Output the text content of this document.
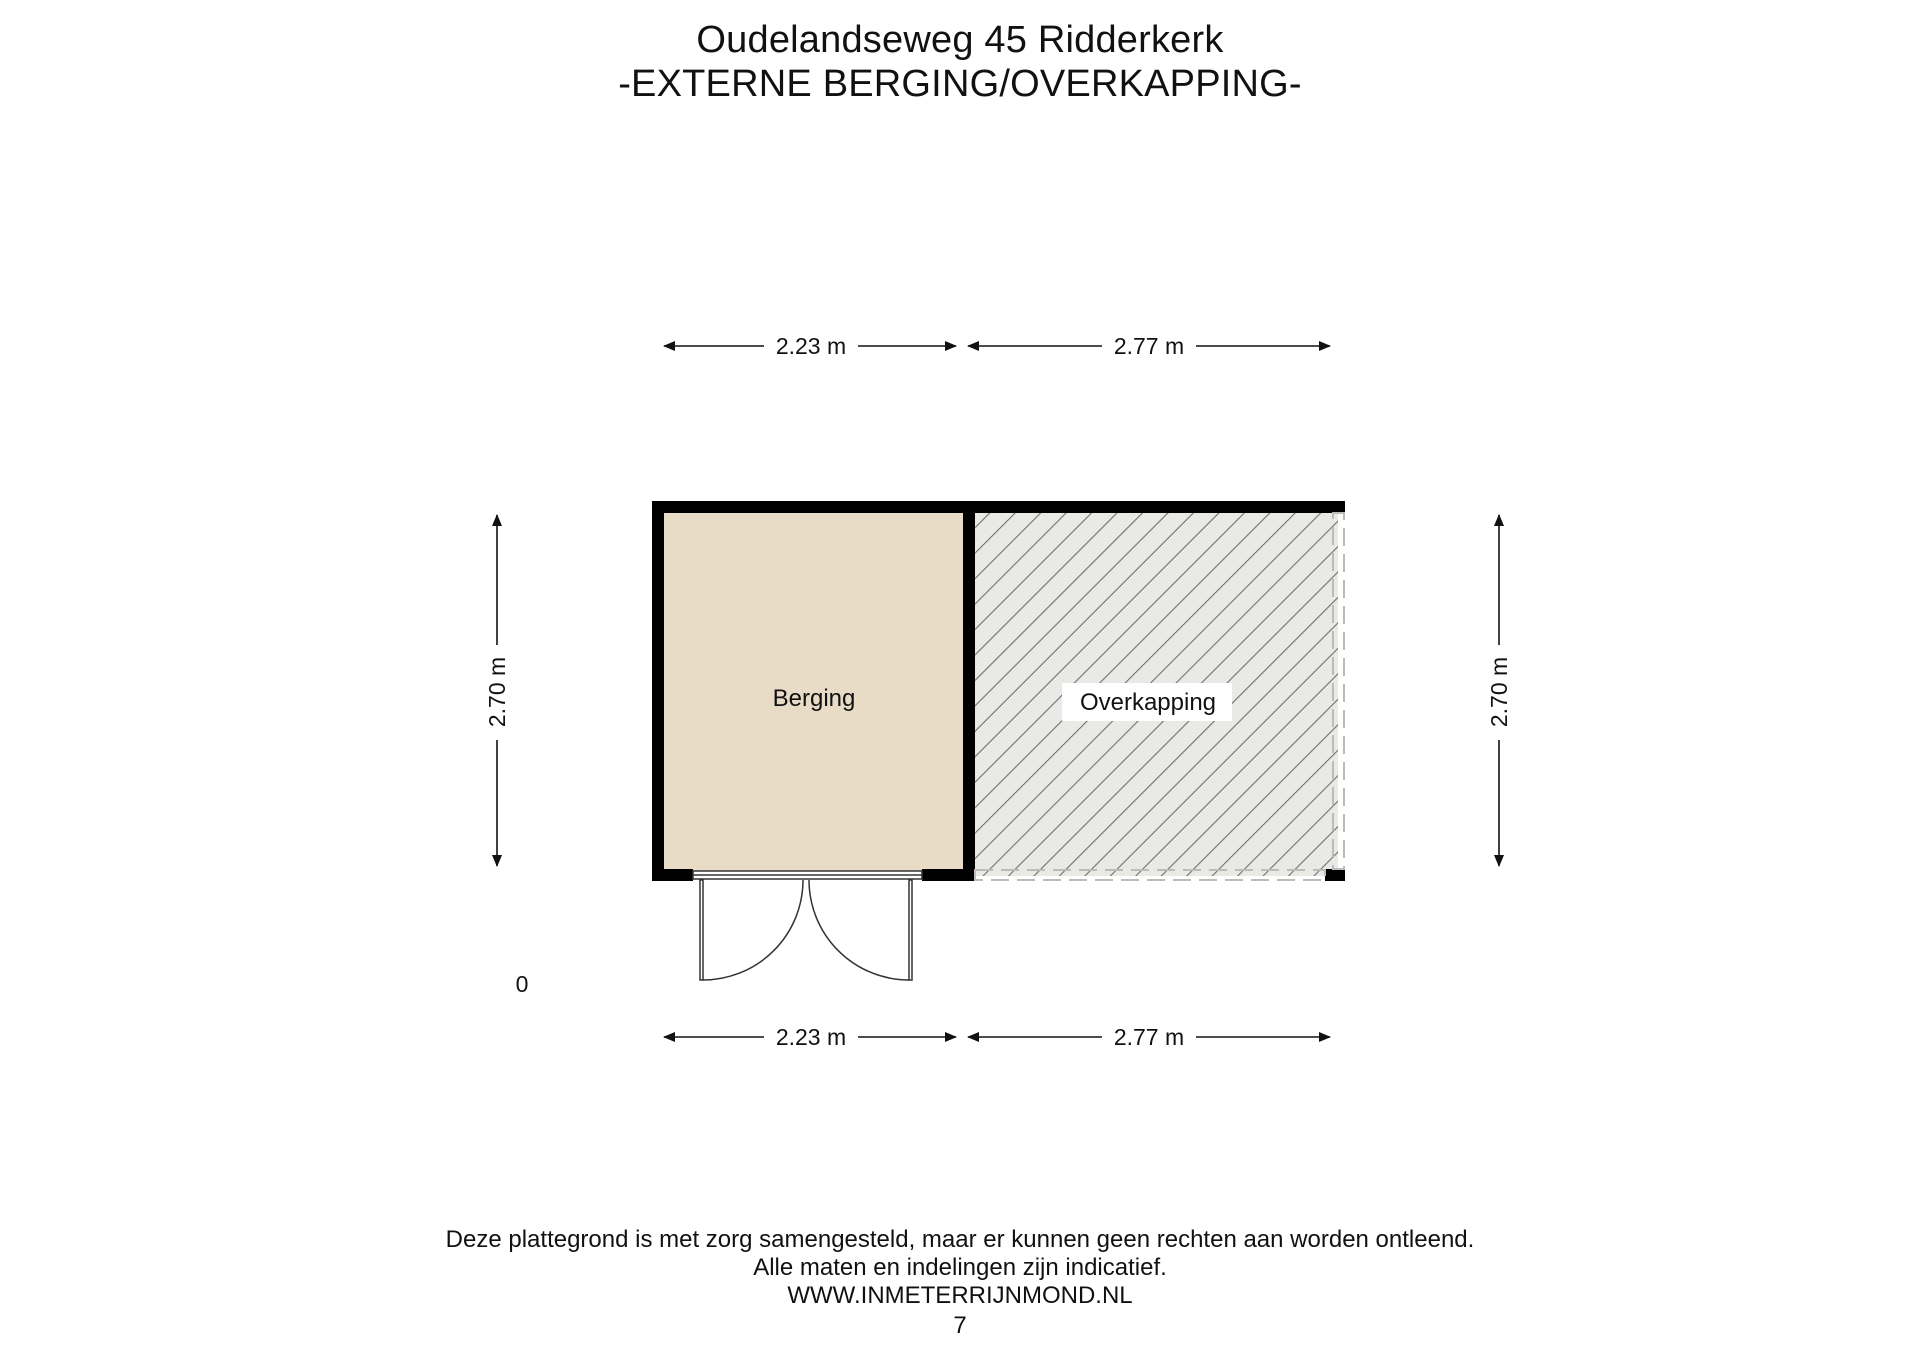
Oudelandseweg 45 Ridderkerk
-EXTERNE BERGING/OVERKAPPING-
2.23 m	2.77 m
2.23 m	2.77 m
2.70 m	2.70 m
Berging	Overkapping
0
Deze plattegrond is met zorg samengesteld, maar er kunnen geen rechten aan worden ontleend.
Alle maten en indelingen zijn indicatief.
WWW.INMETERRIJNMOND.NL
7
